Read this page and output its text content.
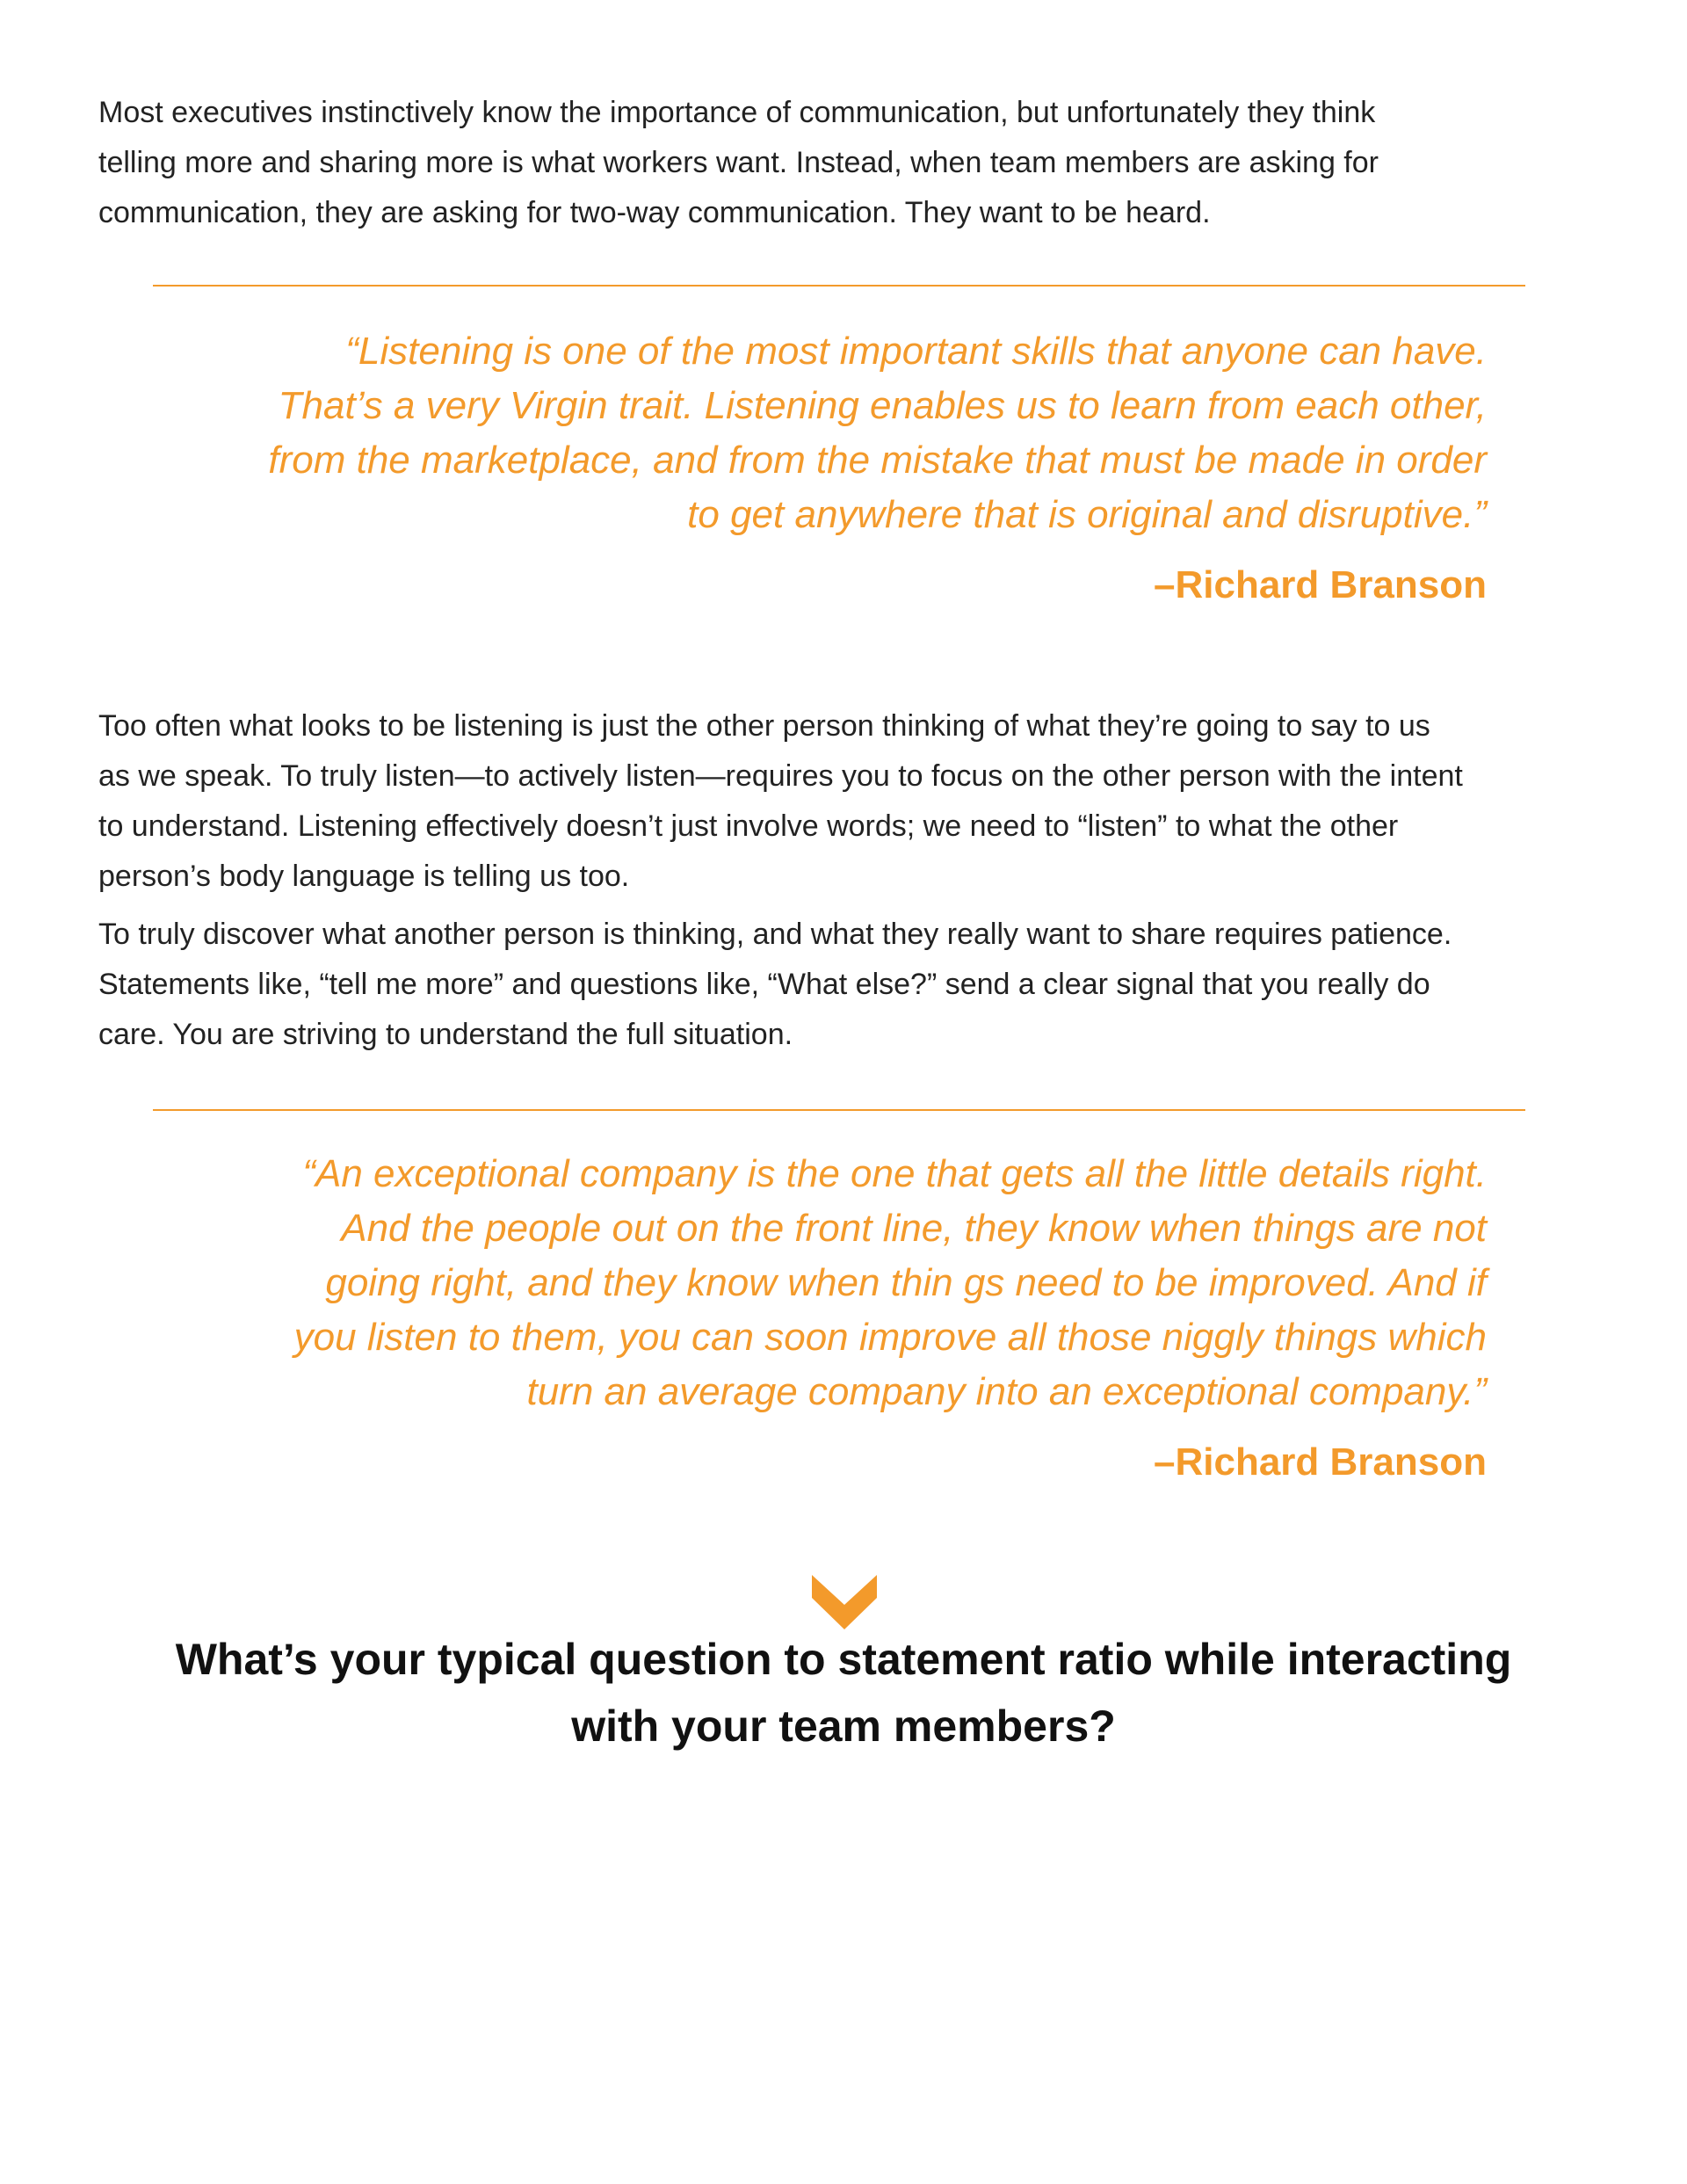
Most executives instinctively know the importance of communication, but unfortunately they think
telling more and sharing more is what workers want. Instead, when team members are asking for
communication, they are asking for two-way communication. They want to be heard.

“Listening is one of the most important skills that anyone can have.
That’s a very Virgin trait. Listening enables us to learn from each other,
from the marketplace, and from the mistake that must be made in order
to get anywhere that is original and disruptive.”

–Richard Branson

Too often what looks to be listening is just the other person thinking of what they’re going to say to us
as we speak. To truly listen—to actively listen—requires you to focus on the other person with the intent
to understand. Listening effectively doesn’t just involve words; we need to “listen” to what the other
person’s body language is telling us too.

To truly discover what another person is thinking, and what they really want to share requires patience.
Statements like, “tell me more” and questions like, “What else?” send a clear signal that you really do
care. You are striving to understand the full situation.

“An exceptional company is the one that gets all the little details right.
And the people out on the front line, they know when things are not
going right, and they know when thin gs need to be improved. And if
you listen to them, you can soon improve all those niggly things which
turn an average company into an exceptional company.”

–Richard Branson

What’s your typical question to statement ratio while interacting
with your team members?
